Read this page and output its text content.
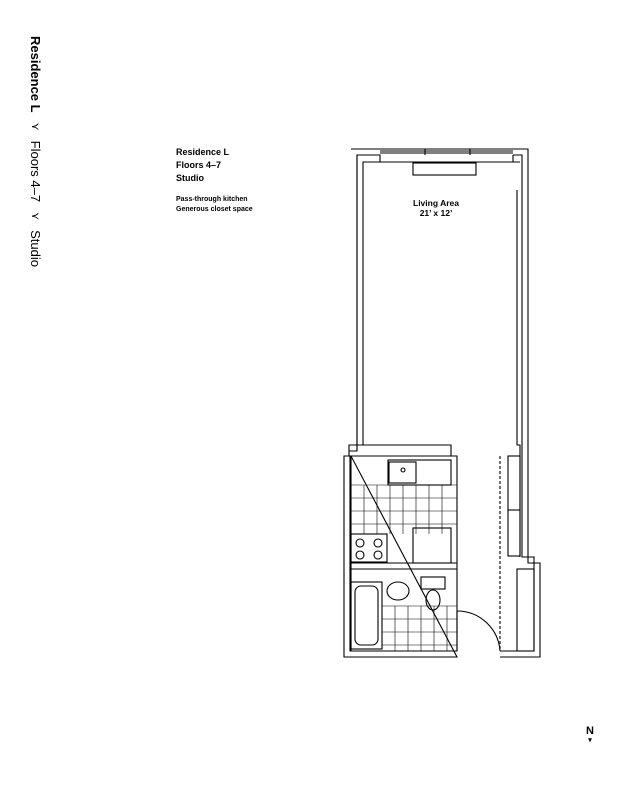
Residence L
⋎
Floors 4–7
⋎
Studio
Residence L
Floors 4–7
Studio
Pass-through kitchen
Generous closet space
Living Area
21’ x 12’
N
▾
